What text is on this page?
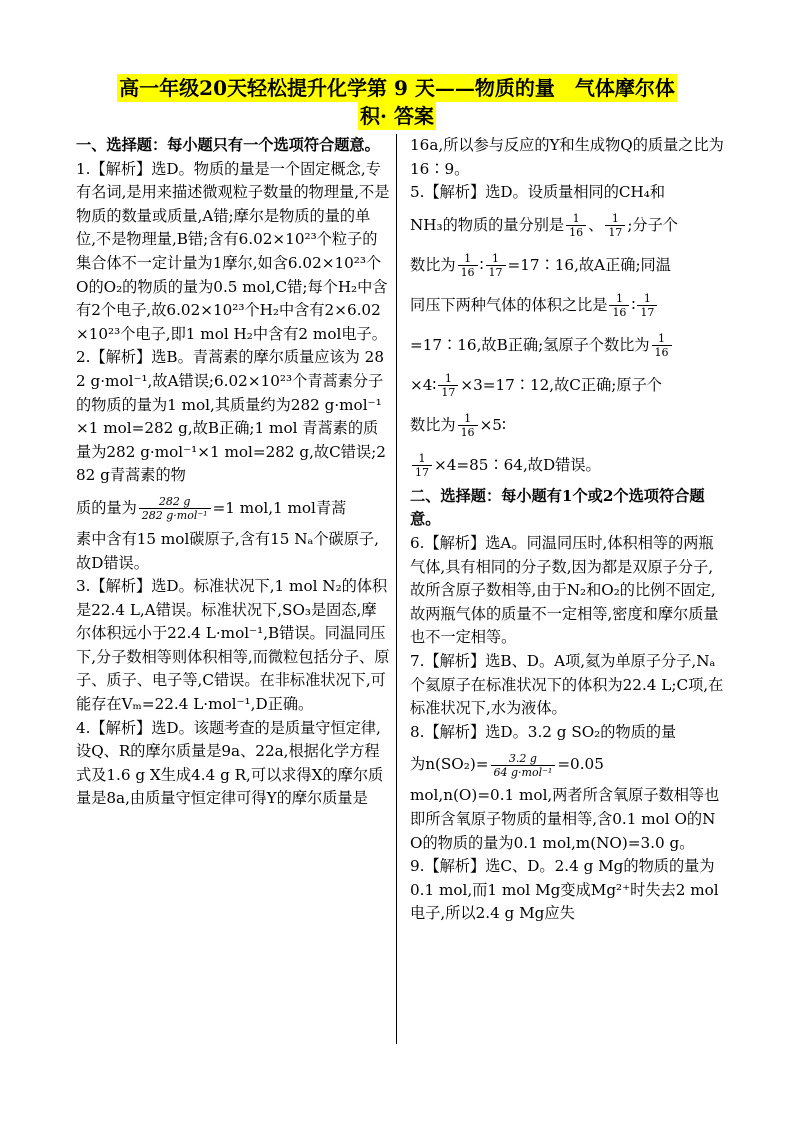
高一年级20天轻松提升化学第 9 天——物质的量　气体摩尔体
积· 答案

一、选择题：每小题只有一个选项符合题意。

1.【解析】选D。物质的量是一个固定概念,专有名词,是用来描述微观粒子数量的物理量,不是物质的数量或质量,A错;摩尔是物质的量的单位,不是物理量,B错;含有6.02×10²³个粒子的集合体不一定计量为1摩尔,如含6.02×10²³个O的O₂的物质的量为0.5 mol,C错;每个H₂中含有2个电子,故6.02×10²³个H₂中含有2×6.02×10²³个电子,即1 mol H₂中含有2 mol电子。

2.【解析】选B。青蒿素的摩尔质量应该为 282 g·mol⁻¹,故A错误;6.02×10²³个青蒿素分子的物质的量为1 mol,其质量约为282 g·mol⁻¹×1 mol=282 g,故B正确;1 mol 青蒿素的质量为282 g·mol⁻¹×1 mol=282 g,故C错误;282 g青蒿素的物

质的量为 $\frac{282 g}{\text{282 g·mol⁻¹}} =1$ mol,1 mol青蒿

素中含有15 mol碳原子,含有15 Nₐ个碳原子,故D错误。

3.【解析】选D。标准状况下,1 mol N₂的体积是22.4 L,A错误。标准状况下,SO₃是固态,摩尔体积远小于22.4 L·mol⁻¹,B错误。同温同压下,分子数相等则体积相等,而微粒包括分子、原子、质子、电子等,C错误。在非标准状况下,可能存在Vₘ=22.4 L·mol⁻¹,D正确。

4.【解析】选D。该题考查的是质量守恒定律,设Q、R的摩尔质量是9a、22a,根据化学方程式及1.6 g X生成4.4 g R,可以求得X的摩尔质量是8a,由质量守恒定律可得Y的摩尔质量是

16a,所以参与反应的Y和生成物Q的质量之比为16∶9。

5.【解析】选D。设质量相同的CH₄和

NH₃的物质的量分别是 $\frac{1}{16}$ 、 $\frac{1}{17}$ ;分子个

数比为 $\frac{1}{16}$ ∶ $\frac{1}{17}$ =17∶16,故A正确;同温

同压下两种气体的体积之比是 $\frac{1}{16}$ ∶ $\frac{1}{17}$

=17∶16,故B正确;氢原子个数比为 $\frac{1}{16}$

×4∶ $\frac{1}{17}$ ×3=17∶12,故C正确;原子个

数比为 $\frac{1}{16}$ ×5∶

$\frac{1}{17}$ ×4=85∶64,故D错误。

二、选择题：每小题有1个或2个选项符合题意。

6.【解析】选A。同温同压时,体积相等的两瓶气体,具有相同的分子数,因为都是双原子分子,故所含原子数相等,由于N₂和O₂的比例不固定,故两瓶气体的质量不一定相等,密度和摩尔质量也不一定相等。

7.【解析】选B、D。A项,氦为单原子分子,Nₐ个氦原子在标准状况下的体积为22.4 L;C项,在标准状况下,水为液体。

8.【解析】选D。3.2 g SO₂的物质的量

为$n(SO_2)= \frac{3.2 g}{\text{64 g·mol⁻¹}} =0.05$

mol,n(O)=0.1 mol,两者所含氧原子数相等也即所含氧原子物质的量相等,含0.1 mol O的NO的物质的量为0.1 mol,m(NO)=3.0 g。

9.【解析】选C、D。2.4 g Mg的物质的量为0.1 mol,而1 mol Mg变成Mg²⁺时失去2 mol电子,所以2.4 g Mg应失
